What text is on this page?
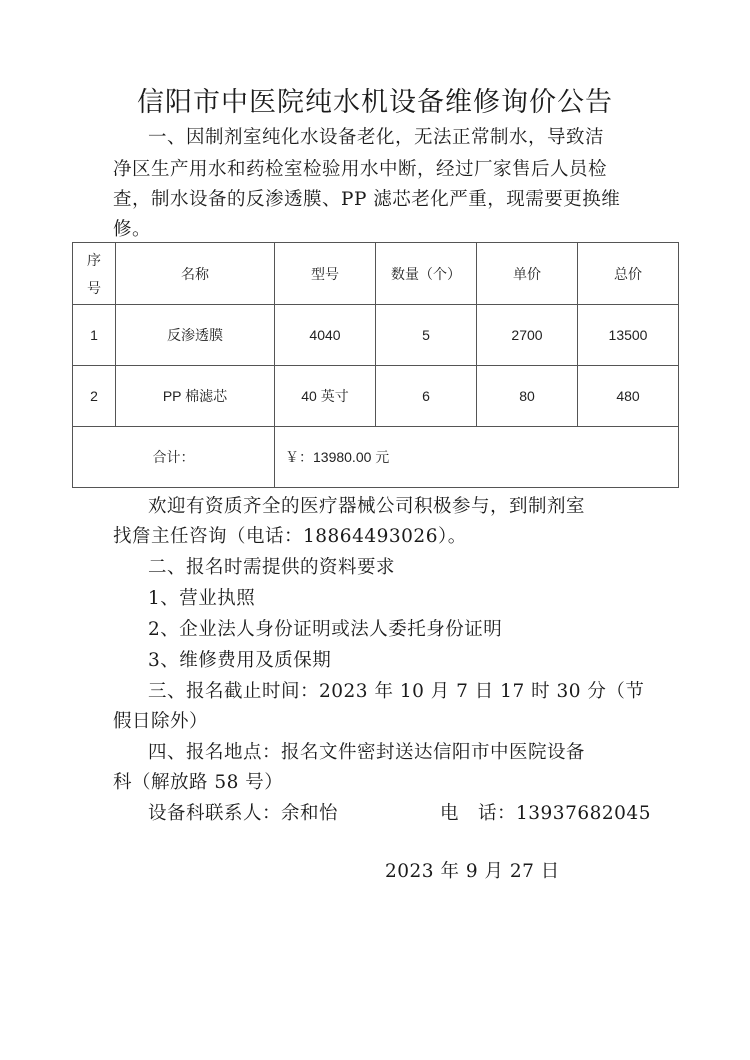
信阳市中医院纯水机设备维修询价公告
一、因制剂室纯化水设备老化，无法正常制水，导致洁
净区生产用水和药检室检验用水中断，经过厂家售后人员检
查，制水设备的反渗透膜、PP 滤芯老化严重，现需要更换维
修。
序
号	名称	型号	数量（个）	单价	总价
1	反渗透膜	4040	5	2700	13500
2	PP 棉滤芯	40 英寸	6	80	480
合计：		￥：13980.00 元			
欢迎有资质齐全的医疗器械公司积极参与，到制剂室
找詹主任咨询（电话：18864493026）。
二、报名时需提供的资料要求
1、营业执照
2、企业法人身份证明或法人委托身份证明
3、维修费用及质保期
三、报名截止时间：2023 年 10 月 7 日 17 时 30 分（节
假日除外）
四、报名地点：报名文件密封送达信阳市中医院设备
科（解放路 58 号）
设备科联系人：余和怡	电　话：13937682045
2023 年 9 月 27 日
